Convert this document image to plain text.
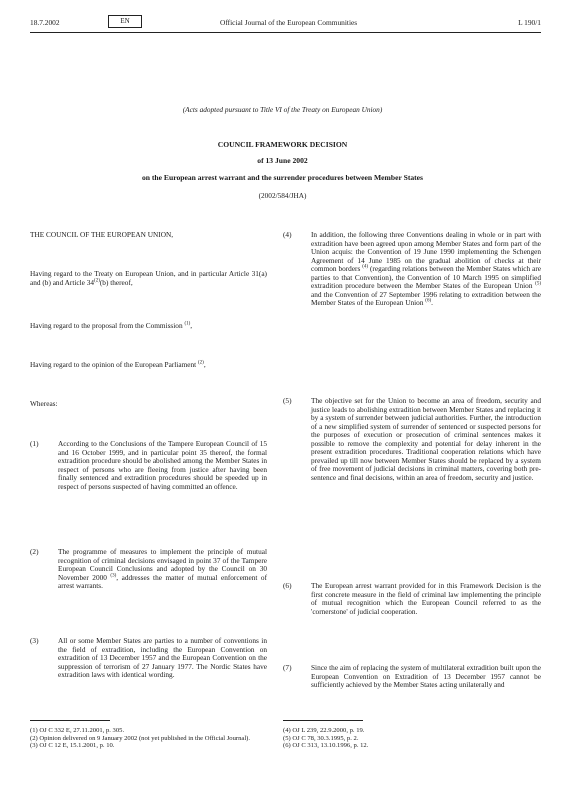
18.7.2002	EN	Official Journal of the European Communities	L 190/1
(Acts adopted pursuant to Title VI of the Treaty on European Union)
COUNCIL FRAMEWORK DECISION
of 13 June 2002
on the European arrest warrant and the surrender procedures between Member States
(2002/584/JHA)
THE COUNCIL OF THE EUROPEAN UNION,
Having regard to the Treaty on European Union, and in particular Article 31(a) and (b) and Article 34$^{(2)}$(b) thereof,
Having regard to the proposal from the Commission $^{(1)}$,
Having regard to the opinion of the European Parliament $^{(2)}$,
Whereas:
(1)	According to the Conclusions of the Tampere European Council of 15 and 16 October 1999, and in particular point 35 thereof, the formal extradition procedure should be abolished among the Member States in respect of persons who are fleeing from justice after having been finally sentenced and extradition procedures should be speeded up in respect of persons suspected of having committed an offence.
(2)	The programme of measures to implement the principle of mutual recognition of criminal decisions envisaged in point 37 of the Tampere European Council Conclusions and adopted by the Council on 30 November 2000 $^{(3)}$, addresses the matter of mutual enforcement of arrest warrants.
(3)	All or some Member States are parties to a number of conventions in the field of extradition, including the European Convention on extradition of 13 December 1957 and the European Convention on the suppression of terrorism of 27 January 1977. The Nordic States have extradition laws with identical wording.
(4)	In addition, the following three Conventions dealing in whole or in part with extradition have been agreed upon among Member States and form part of the Union acquis: the Convention of 19 June 1990 implementing the Schengen Agreement of 14 June 1985 on the gradual abolition of checks at their common borders $^{(4)}$ (regarding relations between the Member States which are parties to that Convention), the Convention of 10 March 1995 on simplified extradition procedure between the Member States of the European Union $^{(5)}$ and the Convention of 27 September 1996 relating to extradition between the Member States of the European Union $^{(6)}$.
(5)	The objective set for the Union to become an area of freedom, security and justice leads to abolishing extradition between Member States and replacing it by a system of surrender between judicial authorities. Further, the introduction of a new simplified system of surrender of sentenced or suspected persons for the purposes of execution or prosecution of criminal sentences makes it possible to remove the complexity and potential for delay inherent in the present extradition procedures. Traditional cooperation relations which have prevailed up till now between Member States should be replaced by a system of free movement of judicial decisions in criminal matters, covering both pre-sentence and final decisions, within an area of freedom, security and justice.
(6)	The European arrest warrant provided for in this Framework Decision is the first concrete measure in the field of criminal law implementing the principle of mutual recognition which the European Council referred to as the 'cornerstone' of judicial cooperation.
(7)	Since the aim of replacing the system of multilateral extradition built upon the European Convention on Extradition of 13 December 1957 cannot be sufficiently achieved by the Member States acting unilaterally and
(1) OJ C 332 E, 27.11.2001, p. 305.
(2) Opinion delivered on 9 January 2002 (not yet published in the Official Journal).
(3) OJ C 12 E, 15.1.2001, p. 10.
(4) OJ L 239, 22.9.2000, p. 19.
(5) OJ C 78, 30.3.1995, p. 2.
(6) OJ C 313, 13.10.1996, p. 12.
